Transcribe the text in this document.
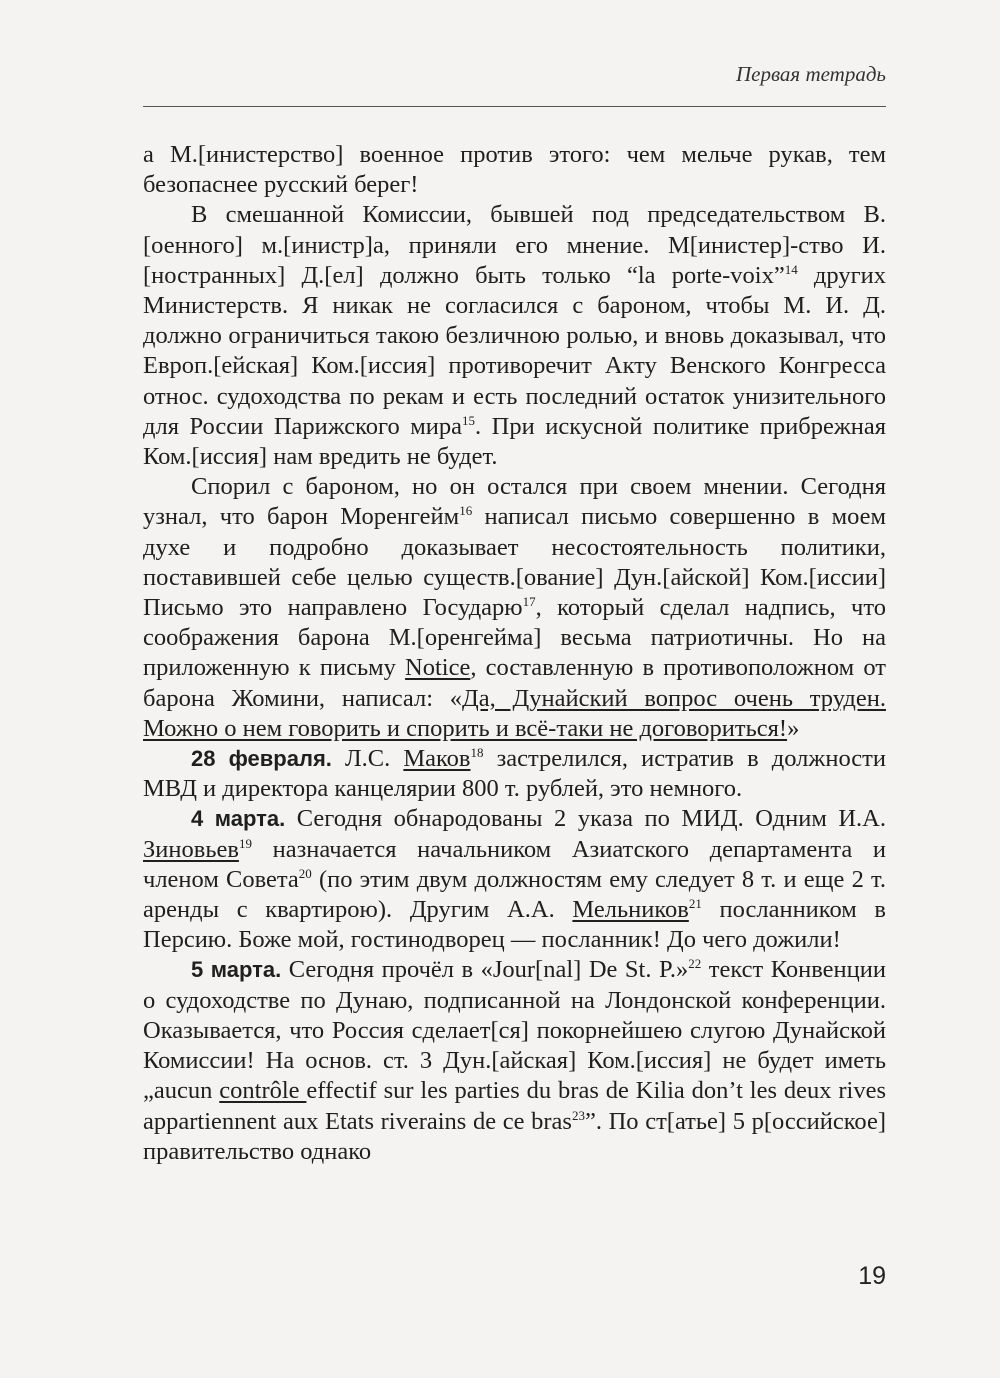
Первая тетрадь

а М.[инистерство] военное против этого: чем мельче рукав, тем безопаснее русский берег!

В смешанной Комиссии, бывшей под председательством В.[оенного] м.[инистр]а, приняли его мнение. М[инистер]-ство И.[ностранных] Д.[ел] должно быть только “la porte-voix”$^{14}$ других Министерств. Я никак не согласился с бароном, чтобы М. И. Д. должно ограничиться такою безличною ролью, и вновь доказывал, что Европ.[ейская] Ком.[иссия] противоречит Акту Венского Конгресса относ. судоходства по рекам и есть последний остаток унизительного для России Парижского мира$^{15}$. При искусной политике прибрежная Ком.[иссия] нам вредить не будет.

Спорил с бароном, но он остался при своем мнении. Сегодня узнал, что барон Моренгейм$^{16}$ написал письмо совершенно в моем духе и подробно доказывает несостоятельность политики, поставившей себе целью существ.[ование] Дун.[айской] Ком.[иссии] Письмо это направлено Государю$^{17}$, который сделал надпись, что соображения барона М.[оренгейма] весьма патриотичны. Но на приложенную к письму Notice, составленную в противоположном от барона Жомини, написал: «Да, Дунайский вопрос очень труден. Можно о нем говорить и спорить и всё-таки не договориться!»

28 февраля. Л.С. Маков$^{18}$ застрелился, истратив в должности МВД и директора канцелярии 800 т. рублей, это немного.

4 марта. Сегодня обнародованы 2 указа по МИД. Одним И.А. Зиновьев$^{19}$ назначается начальником Азиатского департамента и членом Совета$^{20}$ (по этим двум должностям ему следует 8 т. и еще 2 т. аренды с квартирою). Другим А.А. Мельников$^{21}$ посланником в Персию. Боже мой, гостинодворец — посланник! До чего дожили!

5 марта. Сегодня прочёл в «Jour[nal] De St. P.»$^{22}$ текст Конвенции о судоходстве по Дунаю, подписанной на Лондонской конференции. Оказывается, что Россия сделает[ся] покорнейшею слугою Дунайской Комиссии! На основ. ст. 3 Дун.[айская] Ком.[иссия] не будет иметь „aucun contrôle effectif sur les parties du bras de Kilia don’t les deux rives appartiennent aux Etats riverains de ce bras$^{23}$”. По ст[атье] 5 р[оссийское] правительство однако

19
